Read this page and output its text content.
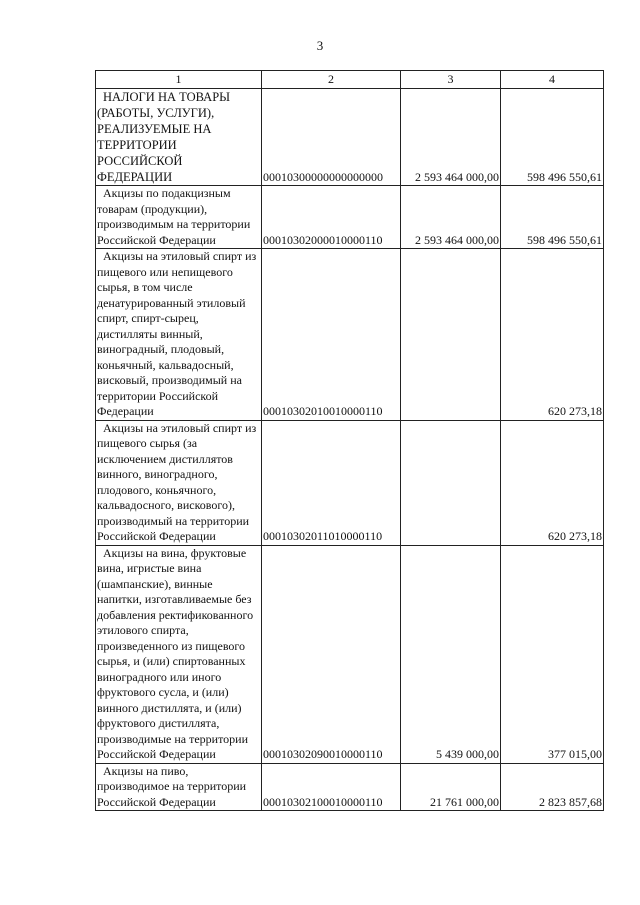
3
1	2	3	4
НАЛОГИ НА ТОВАРЫ (РАБОТЫ, УСЛУГИ), РЕАЛИЗУЕМЫЕ НА ТЕРРИТОРИИ РОССИЙСКОЙ ФЕДЕРАЦИИ	00010300000000000000	2 593 464 000,00	598 496 550,61
Акцизы по подакцизным товарам (продукции), производимым на территории Российской Федерации	00010302000010000110	2 593 464 000,00	598 496 550,61
Акцизы на этиловый спирт из пищевого или непищевого сырья, в том числе денатурированный этиловый спирт, спирт-сырец, дистилляты винный, виноградный, плодовый, коньячный, кальвадосный, висковый, производимый на территории Российской Федерации	00010302010010000110		620 273,18
Акцизы на этиловый спирт из пищевого сырья (за исключением дистиллятов винного, виноградного, плодового, коньячного, кальвадосного, вискового), производимый на территории Российской Федерации	00010302011010000110		620 273,18
Акцизы на вина, фруктовые вина, игристые вина (шампанские), винные напитки, изготавливаемые без добавления ректификованного этилового спирта, произведенного из пищевого сырья, и (или) спиртованных виноградного или иного фруктового сусла, и (или) винного дистиллята, и (или) фруктового дистиллята, производимые на территории Российской Федерации	00010302090010000110	5 439 000,00	377 015,00
Акцизы на пиво, производимое на территории Российской Федерации	00010302100010000110	21 761 000,00	2 823 857,68
